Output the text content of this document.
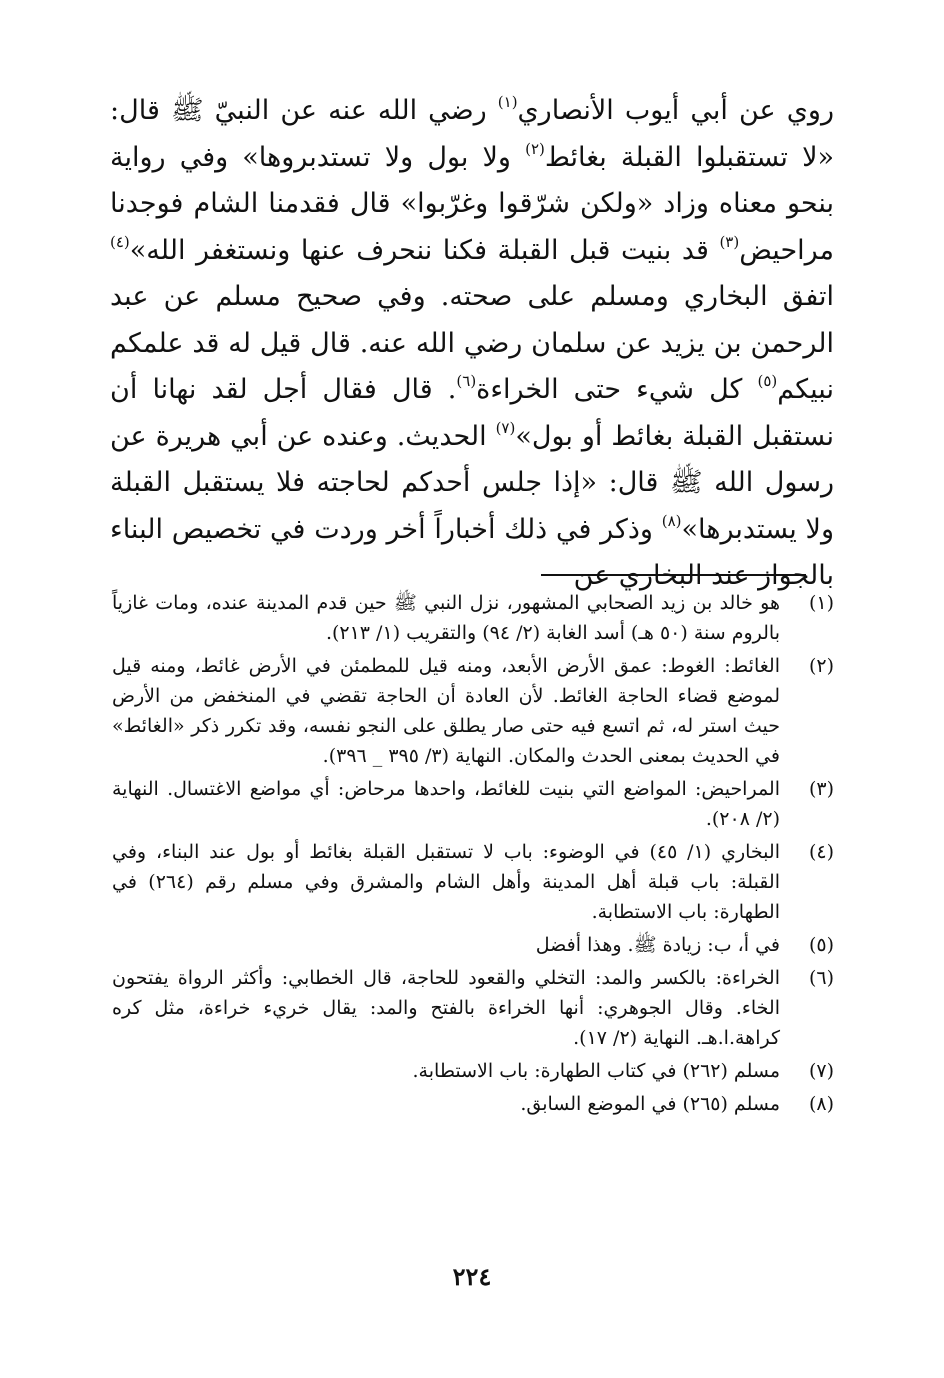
روي عن أبي أيوب الأنصاري$^{(١)}$ رضي الله عنه عن النبيّ ﷺ قال: «لا تستقبلوا القبلة بغائط$^{(٢)}$ ولا بول ولا تستدبروها» وفي رواية بنحو معناه وزاد «ولكن شرّقوا وغرّبوا» قال فقدمنا الشام فوجدنا مراحيض$^{(٣)}$ قد بنيت قبل القبلة فكنا ننحرف عنها ونستغفر الله»$^{(٤)}$ اتفق البخاري ومسلم على صحته. وفي صحيح مسلم عن عبد الرحمن بن يزيد عن سلمان رضي الله عنه. قال قيل له قد علمكم نبيكم$^{(٥)}$ كل شيء حتى الخراءة$^{(٦)}$. قال فقال أجل لقد نهانا أن نستقبل القبلة بغائط أو بول»$^{(٧)}$ الحديث. وعنده عن أبي هريرة عن رسول الله ﷺ قال: «إذا جلس أحدكم لحاجته فلا يستقبل القبلة ولا يستدبرها»$^{(٨)}$ وذكر في ذلك أخباراً أخر وردت في تخصيص البناء بالجواز عند البخاري عن
(١)
هو خالد بن زيد الصحابي المشهور، نزل النبي ﷺ حين قدم المدينة عنده، ومات غازياً بالروم سنة (٥٠ هـ) أسد الغابة (٢/ ٩٤) والتقريب (١/ ٢١٣).
(٢)
الغائط: الغوط: عمق الأرض الأبعد، ومنه قيل للمطمئن في الأرض غائط، ومنه قيل لموضع قضاء الحاجة الغائط. لأن العادة أن الحاجة تقضي في المنخفض من الأرض حيث استر له، ثم اتسع فيه حتى صار يطلق على النجو نفسه، وقد تكرر ذكر «الغائط» في الحديث بمعنى الحدث والمكان. النهاية (٣/ ٣٩٥ _ ٣٩٦).
(٣)
المراحيض: المواضع التي بنيت للغائط، واحدها مرحاض: أي مواضع الاغتسال. النهاية (٢/ ٢٠٨).
(٤)
البخاري (١/ ٤٥) في الوضوء: باب لا تستقبل القبلة بغائط أو بول عند البناء، وفي القبلة: باب قبلة أهل المدينة وأهل الشام والمشرق وفي مسلم رقم (٢٦٤) في الطهارة: باب الاستطابة.
(٥)
في أ، ب: زيادة ﷺ. وهذا أفضل
(٦)
الخراءة: بالكسر والمد: التخلي والقعود للحاجة، قال الخطابي: وأكثر الرواة يفتحون الخاء. وقال الجوهري: أنها الخراءة بالفتح والمد: يقال خريء خراءة، مثل كره كراهة.ا.هـ. النهاية (٢/ ١٧).
(٧)
مسلم (٢٦٢) في كتاب الطهارة: باب الاستطابة.
(٨)
مسلم (٢٦٥) في الموضع السابق.
٢٢٤
